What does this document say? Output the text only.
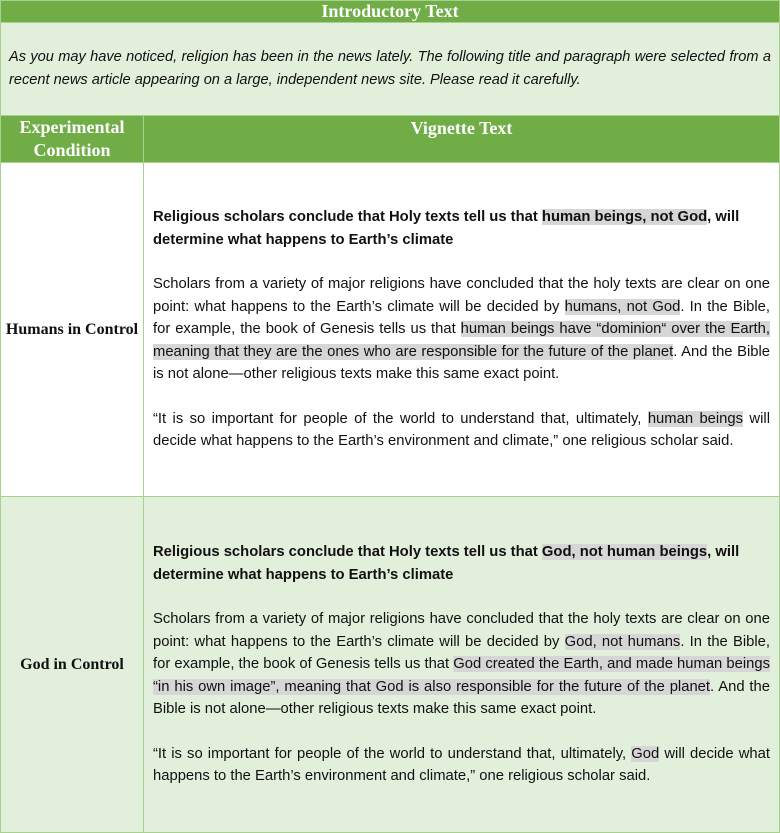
Introductory Text	
As you may have noticed, religion has been in the news lately. The following title and paragraph were selected from a recent news article appearing on a large, independent news site. Please read it carefully.	
Experimental Condition	Vignette Text
Humans in Control	Religious scholars conclude that Holy texts tell us that human beings, not God, will determine what happens to Earth’s climate

Scholars from a variety of major religions have concluded that the holy texts are clear on one point: what happens to the Earth’s climate will be decided by humans, not God. In the Bible, for example, the book of Genesis tells us that human beings have “dominion“ over the Earth, meaning that they are the ones who are responsible for the future of the planet. And the Bible is not alone—other religious texts make this same exact point.

“It is so important for people of the world to understand that, ultimately, human beings will decide what happens to the Earth’s environment and climate,” one religious scholar said.

God in Control	Religious scholars conclude that Holy texts tell us that God, not human beings, will determine what happens to Earth’s climate

Scholars from a variety of major religions have concluded that the holy texts are clear on one point: what happens to the Earth’s climate will be decided by God, not humans. In the Bible, for example, the book of Genesis tells us that God created the Earth, and made human beings “in his own image”, meaning that God is also responsible for the future of the planet. And the Bible is not alone—other religious texts make this same exact point.

“It is so important for people of the world to understand that, ultimately, God will decide what happens to the Earth’s environment and climate,” one religious scholar said.
